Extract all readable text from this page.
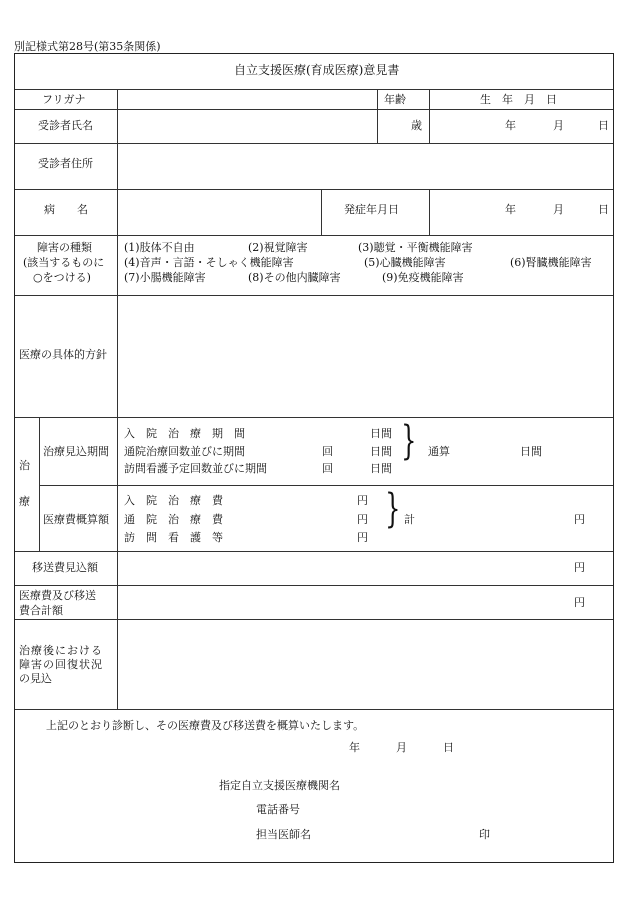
別記様式第28号(第35条関係)
自立支援医療(育成医療)意見書
フリガナ	年齢	生　年　月　日
受診者氏名	歳	年	月	日
受診者住所
病　　名	発症年月日	年	月	日
障害の種類
(該当するものに
○をつける)
(1)肢体不自由	(2)視覚障害	(3)聴覚・平衡機能障害
(4)音声・言語・そしゃく機能障害	(5)心臓機能障害	(6)腎臓機能障害
(7)小腸機能障害	(8)その他内臓障害	(9)免疫機能障害
医療の具体的方針
治
療
治療見込期間
入　院　治　療　期　間	日間
通院治療回数並びに期間	回	日間
訪問看護予定回数並びに期間	回	日間
} 通算	日間
医療費概算額
入　院　治　療　費	円
通　院　治　療　費	円
訪　問　看　護　等	円
} 計	円
移送費見込額	円
医療費及び移送
費合計額
円
治療後における
障害の回復状況
の見込
上記のとおり診断し、その医療費及び移送費を概算いたします。
年	月	日
指定自立支援医療機関名
電話番号
担当医師名	印
